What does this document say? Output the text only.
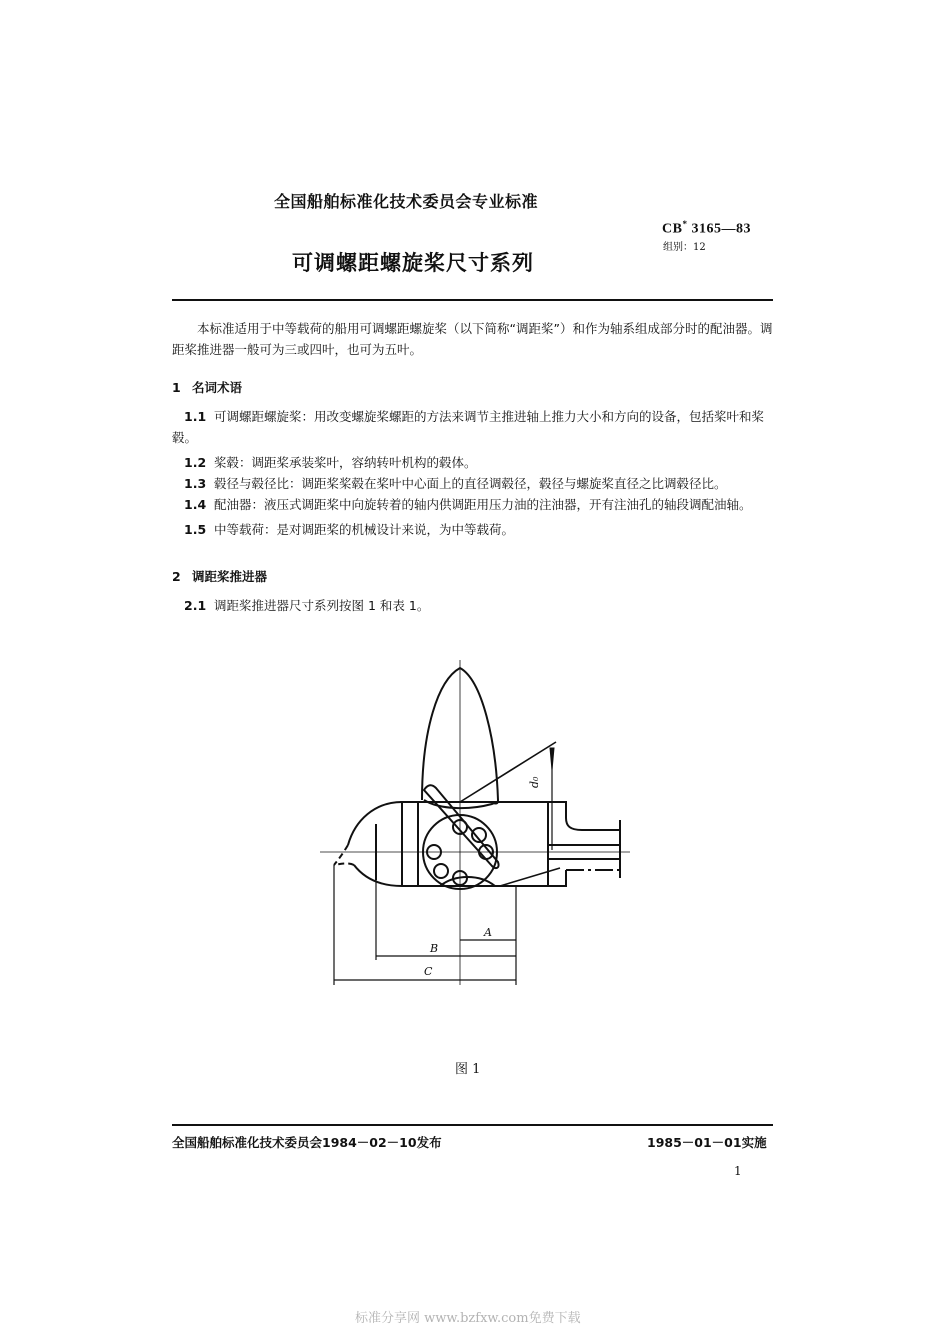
全国船舶标准化技术委员会专业标准
CB* 3165—83
组别：12
可调螺距螺旋桨尺寸系列

本标准适用于中等载荷的船用可调螺距螺旋桨（以下简称“调距桨”）和作为轴系组成部分时的配油器。调距桨推进器一般可为三或四叶，也可为五叶。

1 名词术语

1.1 可调螺距螺旋桨：用改变螺旋桨螺距的方法来调节主推进轴上推力大小和方向的设备，包括桨叶和桨毂。

1.2 桨毂：调距桨承装桨叶，容纳转叶机构的毂体。

1.3 毂径与毂径比：调距桨桨毂在桨叶中心面上的直径调毂径，毂径与螺旋桨直径之比调毂径比。

1.4 配油器：液压式调距桨中向旋转着的轴内供调距用压力油的注油器，开有注油孔的轴段调配油轴。

1.5 中等载荷：是对调距桨的机械设计来说，为中等载荷。

2 调距桨推进器

2.1 调距桨推进器尺寸系列按图 1 和表 1。

d₀
A
B
C
图 1
全国船舶标准化技术委员会1984－02－10发布	1985－01－01实施
1
标准分享网 www.bzfxw.com免费下载
